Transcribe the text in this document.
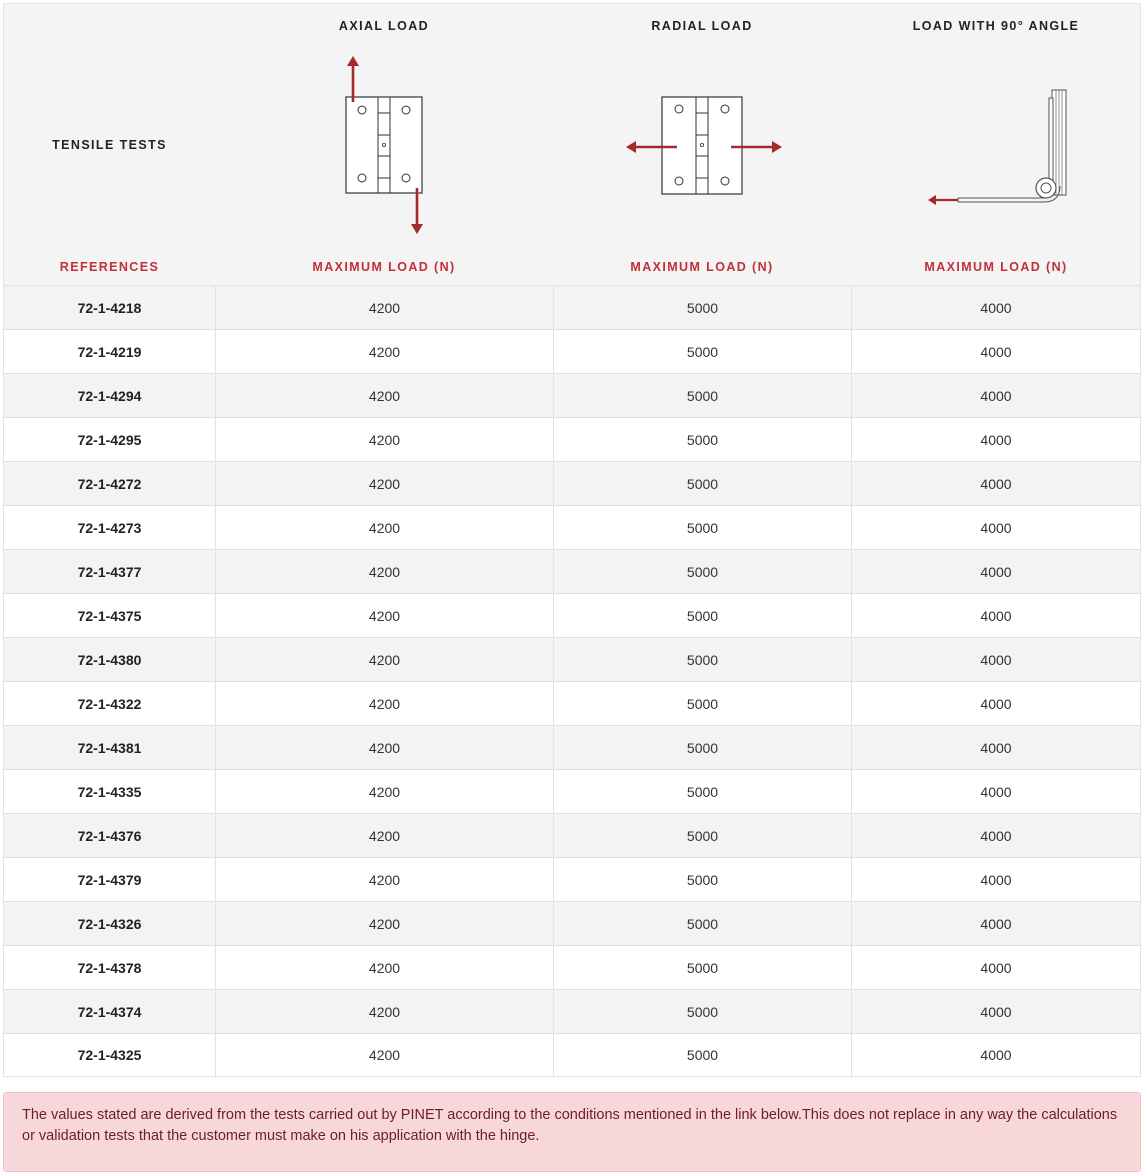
AXIAL LOAD	RADIAL LOAD	LOAD WITH 90° ANGLE
TENSILE TESTS
REFERENCES	MAXIMUM LOAD (N)	MAXIMUM LOAD (N)	MAXIMUM LOAD (N)
72-1-4218	4200	5000	4000
72-1-4219	4200	5000	4000
72-1-4294	4200	5000	4000
72-1-4295	4200	5000	4000
72-1-4272	4200	5000	4000
72-1-4273	4200	5000	4000
72-1-4377	4200	5000	4000
72-1-4375	4200	5000	4000
72-1-4380	4200	5000	4000
72-1-4322	4200	5000	4000
72-1-4381	4200	5000	4000
72-1-4335	4200	5000	4000
72-1-4376	4200	5000	4000
72-1-4379	4200	5000	4000
72-1-4326	4200	5000	4000
72-1-4378	4200	5000	4000
72-1-4374	4200	5000	4000
72-1-4325	4200	5000	4000
The values stated are derived from the tests carried out by PINET according to the conditions mentioned in the link below.This does not replace in any way the calculations or validation tests that the customer must make on his application with the hinge.
